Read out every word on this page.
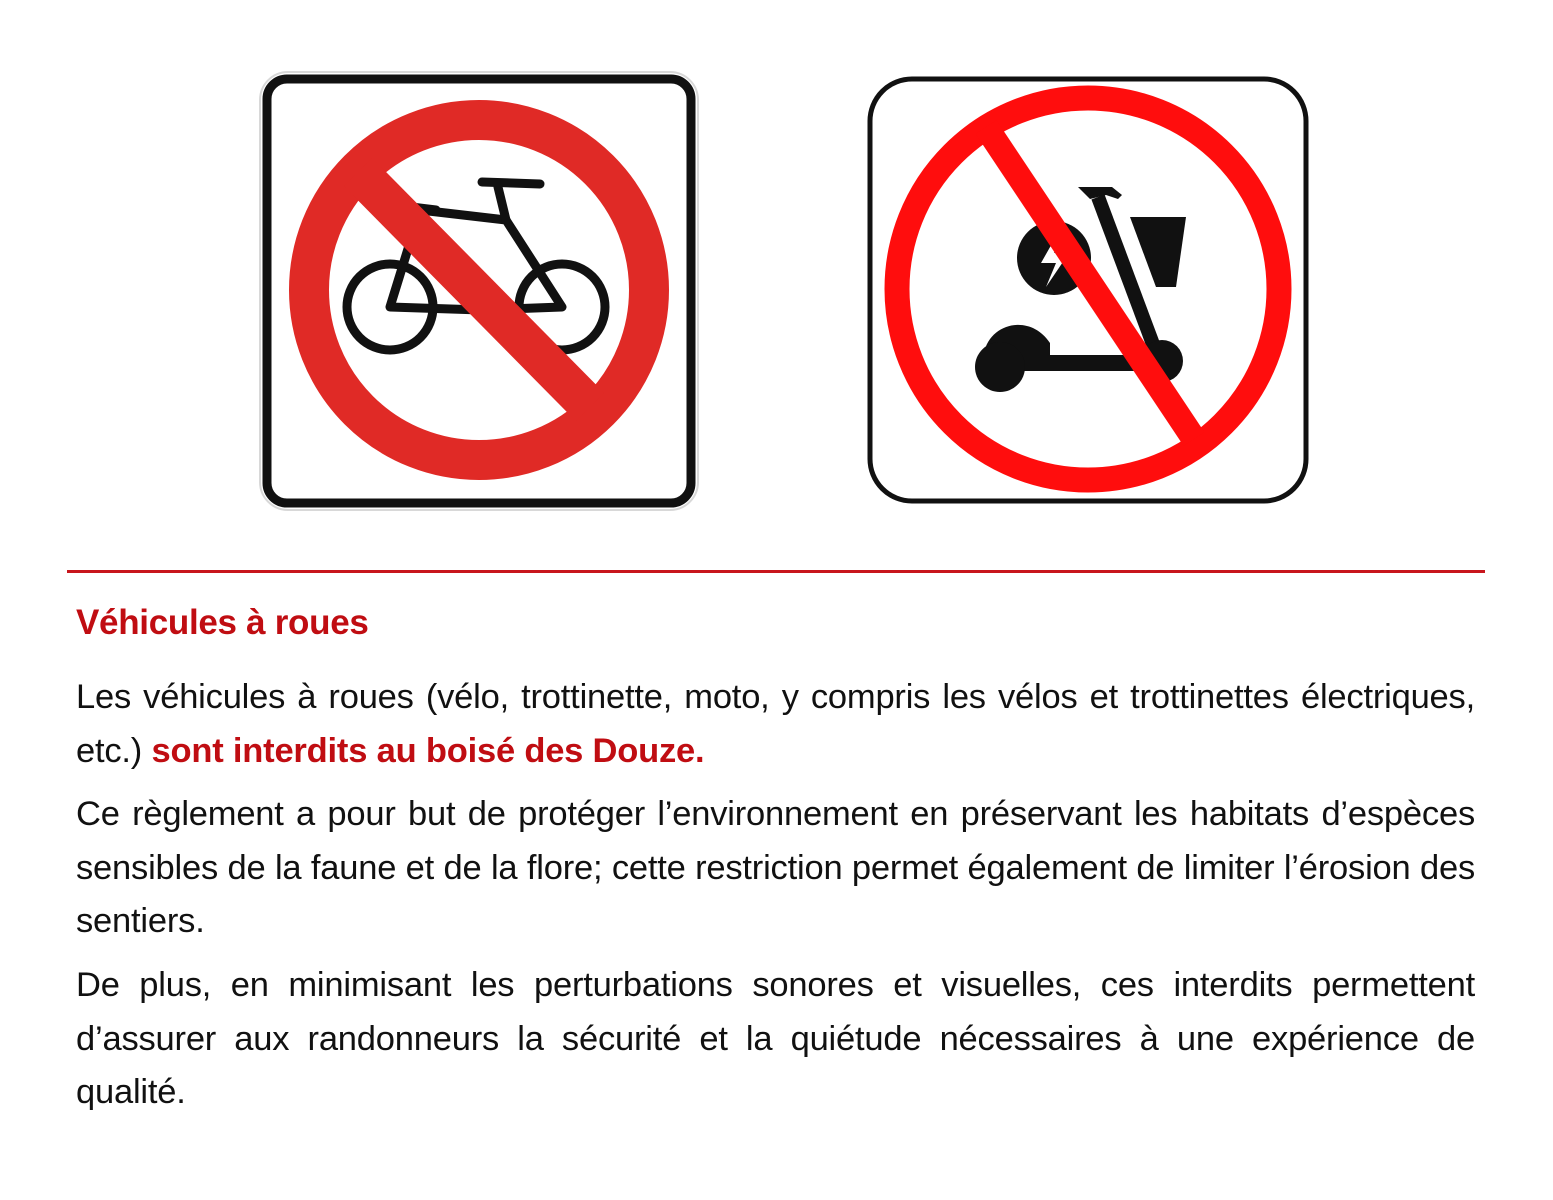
Véhicules à roues

Les véhicules à roues (vélo, trottinette, moto, y compris les vélos et trottinettes électriques, etc.) sont interdits au boisé des Douze.

Ce règlement a pour but de protéger l’environnement en préservant les habitats d’espèces sensibles de la faune et de la flore; cette restriction permet également de limiter l’érosion des sentiers.

De plus, en minimisant les perturbations sonores et visuelles, ces interdits permettent d’assurer aux randonneurs la sécurité et la quiétude nécessaires à une expérience de qualité.
